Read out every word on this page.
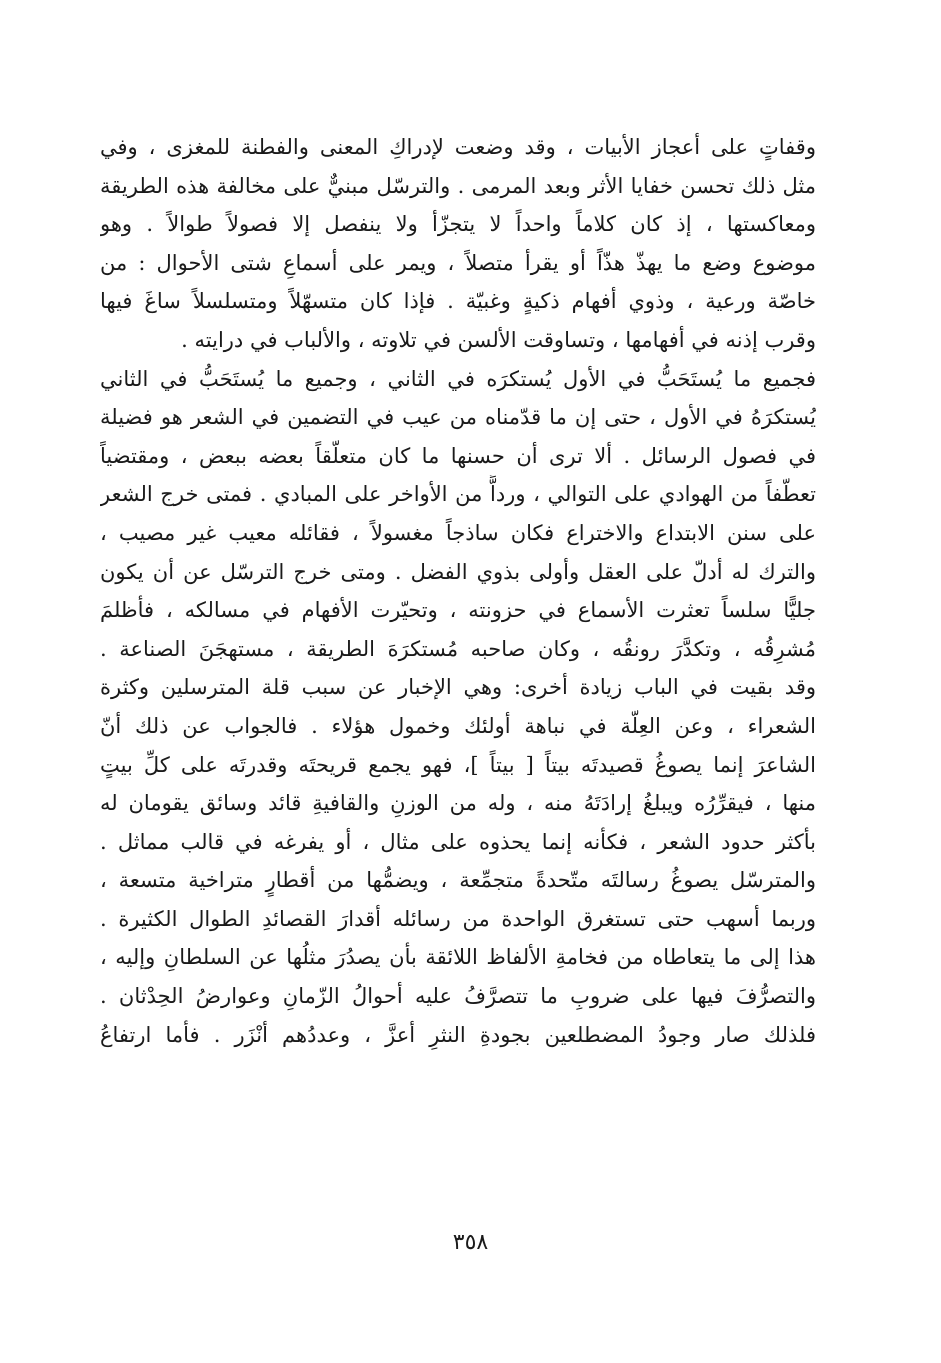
وقفاتٍ على أعجاز الأبيات ، وقد وضعت لإدراكِ المعنى والفطنة للمغزى ، وفي
مثل ذلك تحسن خفايا الأثر وبعد المرمى . والترسّل مبنيٌّ على مخالفة هذه الطريقة
ومعاكستها ، إذ كان كلاماً واحداً لا يتجزّأ ولا ينفصل إلا فصولاً طوالاً . وهو
موضوع وضع ما يهذّ هذّاً أو يقرأ متصلاً ، ويمر على أسماعِ شتى الأحوال : من
خاصّة ورعية ، وذوي أفهام ذكيةٍ وغبيّة . فإذا كان متسهّلاً ومتسلسلاً ساغَ فيها
وقرب إذنه في أفهامها ، وتساوقت الألسن في تلاوته ، والألباب في درايته .
فجميع ما يُستَحَبُّ في الأول يُستكرَه في الثاني ، وجميع ما يُستَحَبُّ في الثاني
يُستكرَهُ في الأول ، حتى إن ما قدّمناه من عيب في التضمين في الشعر هو فضيلة
في فصول الرسائل . ألا ترى أن حسنها ما كان متعلّقاً بعضه ببعض ، ومقتضياً
تعطّفاً من الهوادي على التوالي ، ورداًّ من الأواخر على المبادي . فمتى خرج الشعر
على سنن الابتداع والاختراع فكان ساذجاً مغسولاً ، فقائله معيب غير مصيب ،
والترك له أدلّ على العقل وأولى بذوي الفضل . ومتى خرج الترسّل عن أن يكون
جليًّا سلساً تعثرت الأسماع في حزونته ، وتحيّرت الأفهام في مسالكه ، فأظلمَ
مُشرِقُه ، وتكدَّرَ رونقُه ، وكان صاحبه مُستكرَهَ الطريقة ، مستهجَنَ الصناعة .
وقد بقيت في الباب زيادة أخرى: وهي الإخبار عن سبب قلة المترسلين وكثرة
الشعراء ، وعن العِلّة في نباهة أولئك وخمول هؤلاء . فالجواب عن ذلك أنّ
الشاعرَ إنما يصوغُ قصيدتَه بيتاً [ بيتاً ]، فهو يجمع قريحتَه وقدرتَه على كلِّ بيتٍ
منها ، فيقرِّرُه ويبلغُ إرادَتَهُ منه ، وله من الوزنِ والقافيةِ قائد وسائق يقومان له
بأكثر حدود الشعر ، فكأنه إنما يحذوه على مثال ، أو يفرغه في قالب مماثل .
والمترسّل يصوغُ رسالتَه متّحدةً متجمِّعة ، ويضمُّها من أقطارٍ متراخية متسعة ،
وربما أسهب حتى تستغرق الواحدة من رسائله أقدارَ القصائدِ الطوال الكثيرة .
هذا إلى ما يتعاطاه من فخامةِ الألفاظ اللائقة بأن يصدُرَ مثلُها عن السلطانِ وإليه ،
والتصرُّفَ فيها على ضروبِ ما تتصرَّفُ عليه أحوالُ الزّمانِ وعوارضُ الحِدْثان .
فلذلك صار وجودُ المضطلعين بجودةِ النثرِ أعزَّ ، وعددُهم أنْزَر . فأما ارتفاعُ
٣٥٨
